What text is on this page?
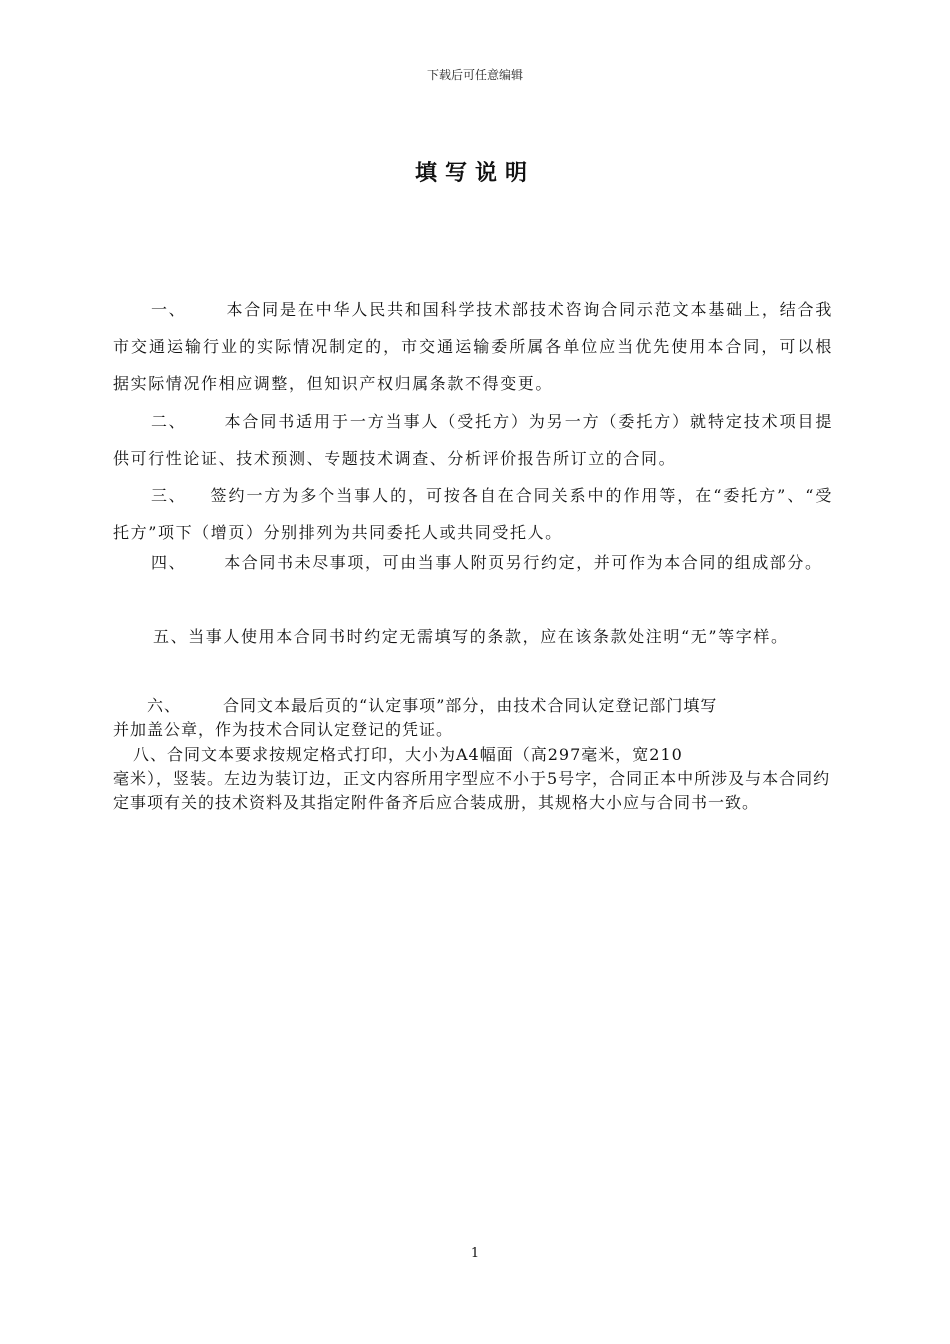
下载后可任意编辑
填写说明

一、	本合同是在中华人民共和国科学技术部技术咨询合同示范文本基础上，结合我市交通运输行业的实际情况制定的，市交通运输委所属各单位应当优先使用本合同，可以根据实际情况作相应调整，但知识产权归属条款不得变更。

二、 本合同书适用于一方当事人（受托方）为另一方（委托方）就特定技术项目提供可行性论证、技术预测、专题技术调查、分析评价报告所订立的合同。

三、 签约一方为多个当事人的，可按各自在合同关系中的作用等，在“委托方”、“受托方”项下（增页）分别排列为共同委托人或共同受托人。

四、 本合同书未尽事项，可由当事人附页另行约定，并可作为本合同的组成部分。

五、当事人使用本合同书时约定无需填写的条款，应在该条款处注明“无”等字样。

六、	合同文本最后页的“认定事项”部分，由技术合同认定登记部门填写
并加盖公章，作为技术合同认定登记的凭证。

八、合同文本要求按规定格式打印，大小为A4幅面（高297毫米，宽210
毫米），竖装。左边为装订边，正文内容所用字型应不小于5号字，合同正本中所涉及与本合同约定事项有关的技术资料及其指定附件备齐后应合装成册，其规格大小应与合同书一致。

1
